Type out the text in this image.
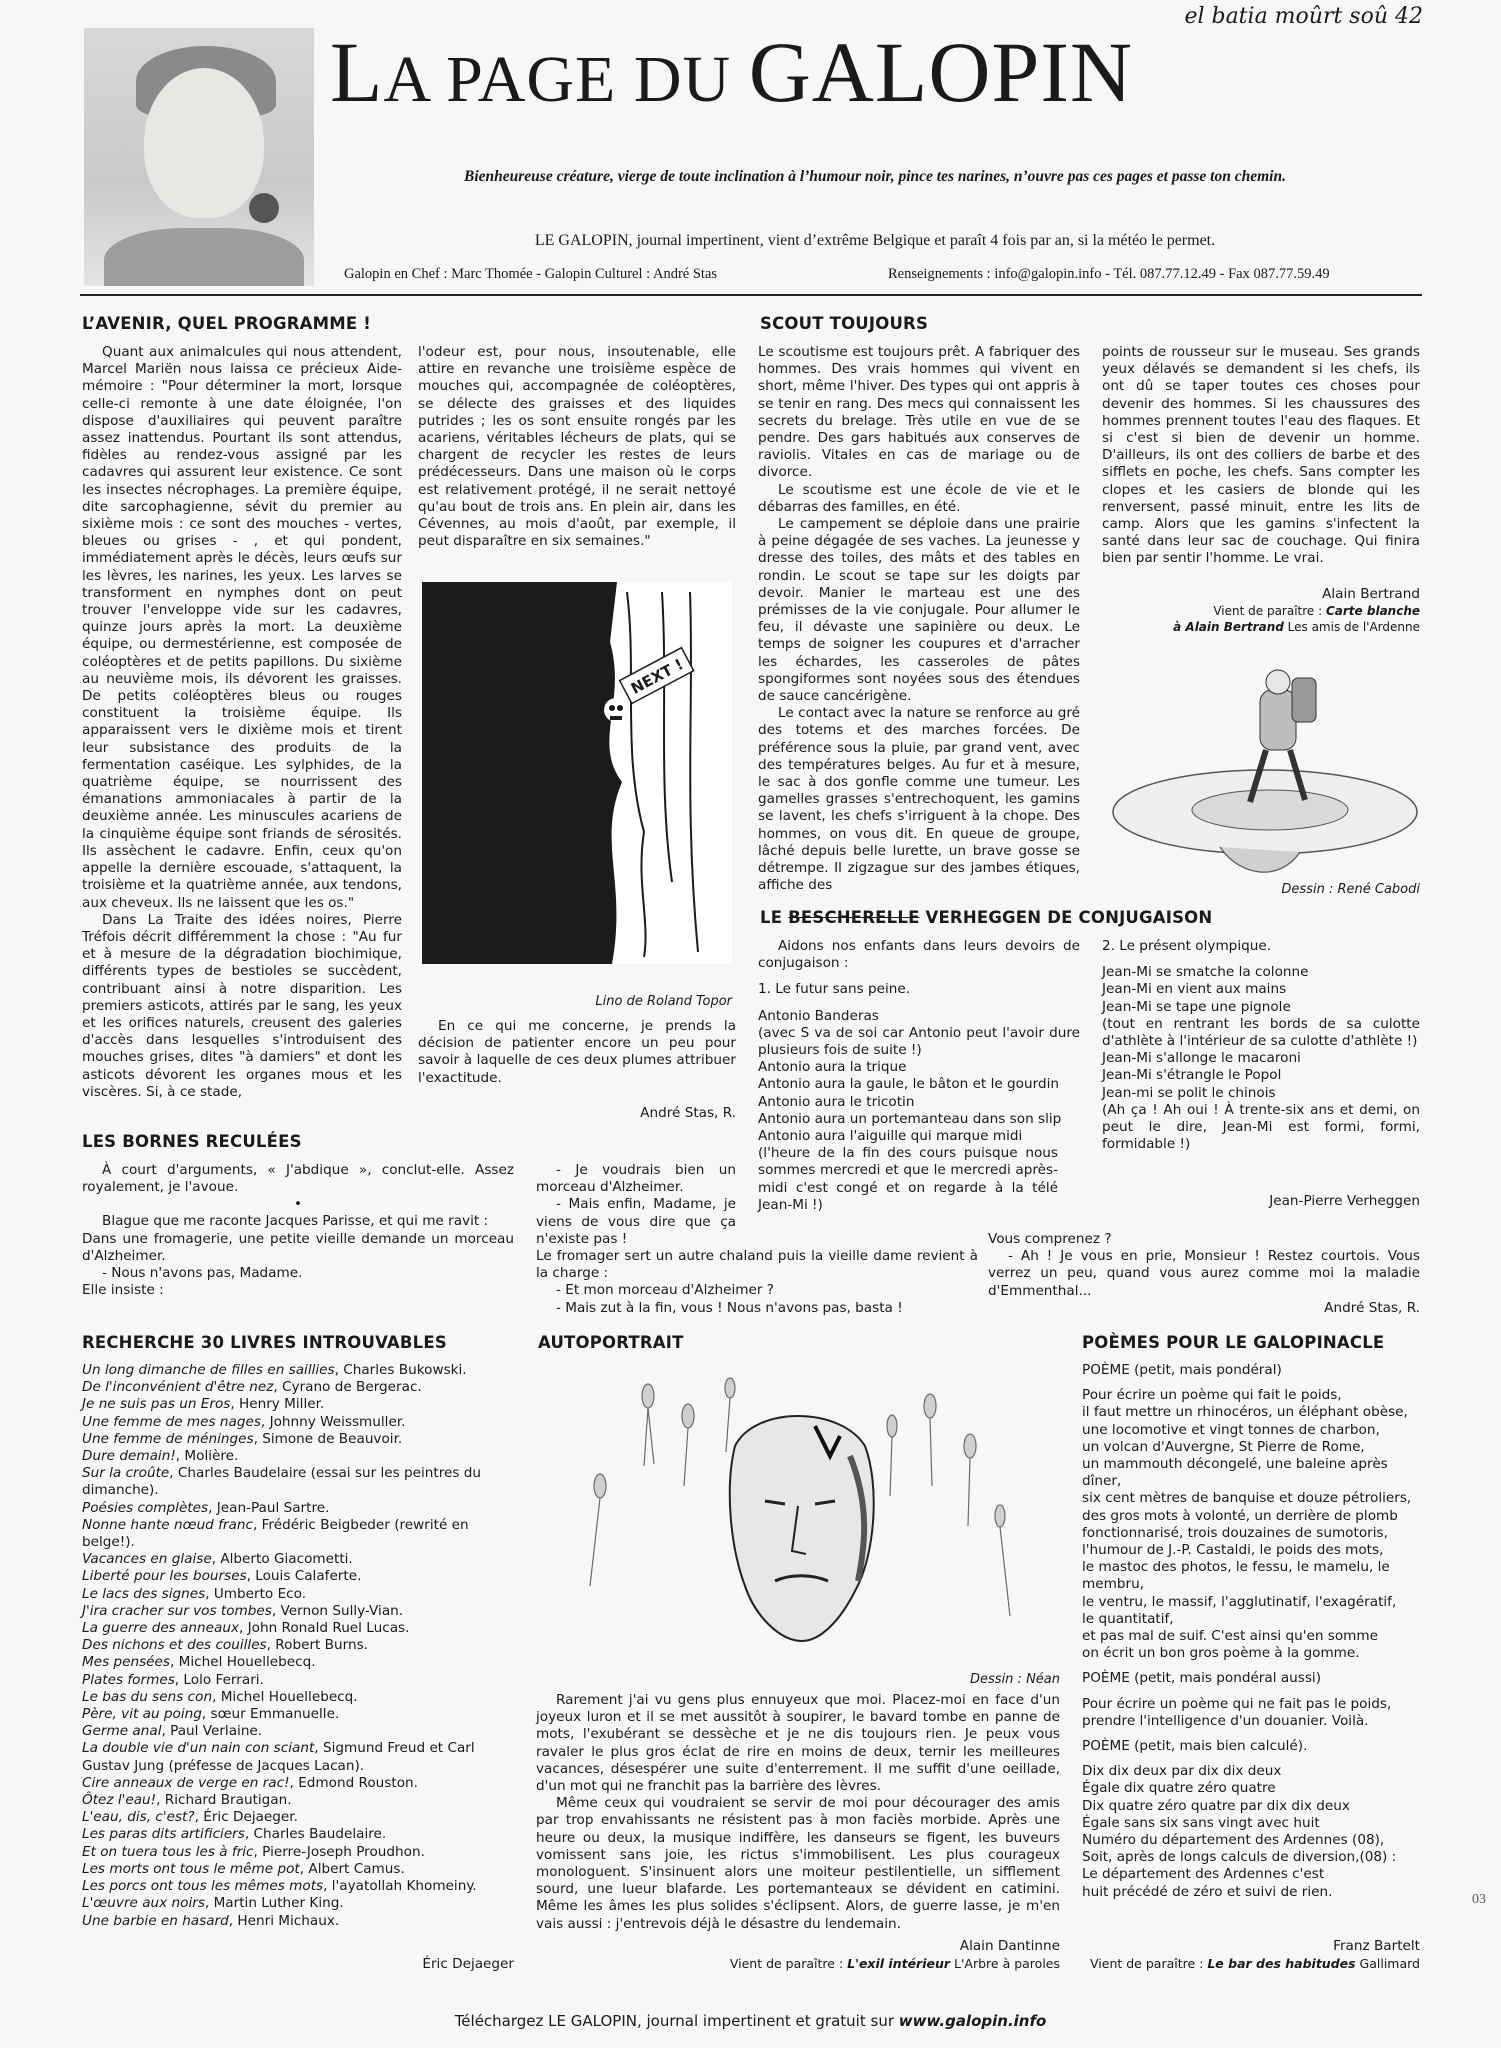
el batia moûrt soû 42
LA PAGE DU GALOPIN
Bienheureuse créature, vierge de toute inclination à l’humour noir, pince tes narines, n’ouvre pas ces pages et passe ton chemin.
LE GALOPIN, journal impertinent, vient d’extrême Belgique et paraît 4 fois par an, si la météo le permet.
Galopin en Chef : Marc Thomée - Galopin Culturel : André Stas	Renseignements : info@galopin.info - Tél. 087.77.12.49 - Fax 087.77.59.49
L’AVENIR, QUEL PROGRAMME !

Quant aux animalcules qui nous attendent, Marcel Mariën nous laissa ce précieux Aide-mémoire : "Pour déterminer la mort, lorsque celle-ci remonte à une date éloignée, l'on dispose d'auxiliaires qui peuvent paraître assez inattendus. Pourtant ils sont attendus, fidèles au rendez-vous assigné par les cadavres qui assurent leur existence. Ce sont les insectes nécrophages. La première équipe, dite sarcophagienne, sévit du premier au sixième mois : ce sont des mouches - vertes, bleues ou grises - , et qui pondent, immédiatement après le décès, leurs œufs sur les lèvres, les narines, les yeux. Les larves se transforment en nymphes dont on peut trouver l'enveloppe vide sur les cadavres, quinze jours après la mort. La deuxième équipe, ou dermestérienne, est composée de coléoptères et de petits papillons. Du sixième au neuvième mois, ils dévorent les graisses. De petits coléoptères bleus ou rouges constituent la troisième équipe. Ils apparaissent vers le dixième mois et tirent leur subsistance des produits de la fermentation caséique. Les sylphides, de la quatrième équipe, se nourrissent des émanations ammoniacales à partir de la deuxième année. Les minuscules acariens de la cinquième équipe sont friands de sérosités. Ils assèchent le cadavre. Enfin, ceux qu'on appelle la dernière escouade, s'attaquent, la troisième et la quatrième année, aux tendons, aux cheveux. Ils ne laissent que les os."

Dans La Traite des idées noires, Pierre Tréfois décrit différemment la chose : "Au fur et à mesure de la dégradation biochimique, différents types de bestioles se succèdent, contribuant ainsi à notre disparition. Les premiers asticots, attirés par le sang, les yeux et les orifices naturels, creusent des galeries d'accès dans lesquelles s'introduisent des mouches grises, dites "à damiers" et dont les asticots dévorent les organes mous et les viscères. Si, à ce stade,

l'odeur est, pour nous, insoutenable, elle attire en revanche une troisième espèce de mouches qui, accompagnée de coléoptères, se délecte des graisses et des liquides putrides ; les os sont ensuite rongés par les acariens, véritables lécheurs de plats, qui se chargent de recycler les restes de leurs prédécesseurs. Dans une maison où le corps est relativement protégé, il ne serait nettoyé qu'au bout de trois ans. En plein air, dans les Cévennes, au mois d'août, par exemple, il peut disparaître en six semaines."

NEXT !
Lino de Roland Topor

En ce qui me concerne, je prends la décision de patienter encore un peu pour savoir à laquelle de ces deux plumes attribuer l'exactitude.

André Stas, R.
SCOUT TOUJOURS

Le scoutisme est toujours prêt. A fabriquer des hommes. Des vrais hommes qui vivent en short, même l'hiver. Des types qui ont appris à se tenir en rang. Des mecs qui connaissent les secrets du brelage. Très utile en vue de se pendre. Des gars habitués aux conserves de raviolis. Vitales en cas de mariage ou de divorce.

Le scoutisme est une école de vie et le débarras des familles, en été.

Le campement se déploie dans une prairie à peine dégagée de ses vaches. La jeunesse y dresse des toiles, des mâts et des tables en rondin. Le scout se tape sur les doigts par devoir. Manier le marteau est une des prémisses de la vie conjugale. Pour allumer le feu, il dévaste une sapinière ou deux. Le temps de soigner les coupures et d'arracher les échardes, les casseroles de pâtes spongiformes sont noyées sous des étendues de sauce cancérigène.

Le contact avec la nature se renforce au gré des totems et des marches forcées. De préférence sous la pluie, par grand vent, avec des températures belges. Au fur et à mesure, le sac à dos gonfle comme une tumeur. Les gamelles grasses s'entrechoquent, les gamins se lavent, les chefs s'irriguent à la chope. Des hommes, on vous dit. En queue de groupe, lâché depuis belle lurette, un brave gosse se détrempe. Il zigzague sur des jambes étiques, affiche des

points de rousseur sur le museau. Ses grands yeux délavés se demandent si les chefs, ils ont dû se taper toutes ces choses pour devenir des hommes. Si les chaussures des hommes prennent toutes l'eau des flaques. Et si c'est si bien de devenir un homme. D'ailleurs, ils ont des colliers de barbe et des sifflets en poche, les chefs. Sans compter les clopes et les casiers de blonde qui les renversent, passé minuit, entre les lits de camp. Alors que les gamins s'infectent la santé dans leur sac de couchage. Qui finira bien par sentir l'homme. Le vrai.

Alain Bertrand
Vient de paraître : Carte blanche
à Alain Bertrand Les amis de l'Ardenne
Dessin : René Cabodi
LE BESCHERELLE VERHEGGEN DE CONJUGAISON

Aidons nos enfants dans leurs devoirs de conjugaison :

1. Le futur sans peine.
Antonio Banderas
(avec S va de soi car Antonio peut l'avoir dure plusieurs fois de suite !)
Antonio aura la trique
Antonio aura la gaule, le bâton et le gourdin
Antonio aura le tricotin
Antonio aura un portemanteau dans son slip
Antonio aura l'aiguille qui marque midi
(l'heure de la fin des cours puisque nous sommes mercredi et que le mercredi après-midi c'est congé et on regarde à la télé Jean-Mi !)
2. Le présent olympique.
Jean-Mi se smatche la colonne
Jean-Mi en vient aux mains
Jean-Mi se tape une pignole
(tout en rentrant les bords de sa culotte d'athlète à l'intérieur de sa culotte d'athlète !)
Jean-Mi s'allonge le macaroni
Jean-Mi s'étrangle le Popol
Jean-mi se polit le chinois
(Ah ça ! Ah oui ! À trente-six ans et demi, on peut le dire, Jean-Mi est formi, formi, formidable !)
Jean-Pierre Verheggen
LES BORNES RECULÉES

À court d'arguments, « J'abdique », conclut-elle. Assez royalement, je l'avoue.

•

Blague que me raconte Jacques Parisse, et qui me ravit :

Dans une fromagerie, une petite vieille demande un morceau d'Alzheimer.

- Nous n'avons pas, Madame.

Elle insiste :

- Je voudrais bien un morceau d'Alzheimer.

- Mais enfin, Madame, je viens de vous dire que ça n'existe pas !

Le fromager sert un autre chaland puis la vieille dame revient à la charge :

- Et mon morceau d'Alzheimer ?

- Mais zut à la fin, vous ! Nous n'avons pas, basta !

Vous comprenez ?

- Ah ! Je vous en prie, Monsieur ! Restez courtois. Vous verrez un peu, quand vous aurez comme moi la maladie d'Emmenthal...

André Stas, R.
RECHERCHE 30 LIVRES INTROUVABLES
Un long dimanche de filles en saillies, Charles Bukowski.
De l'inconvénient d'être nez, Cyrano de Bergerac.
Je ne suis pas un Eros, Henry Miller.
Une femme de mes nages, Johnny Weissmuller.
Une femme de méninges, Simone de Beauvoir.
Dure demain!, Molière.
Sur la croûte, Charles Baudelaire (essai sur les peintres du dimanche).
Poésies complètes, Jean-Paul Sartre.
Nonne hante nœud franc, Frédéric Beigbeder (rewrité en belge!).
Vacances en glaise, Alberto Giacometti.
Liberté pour les bourses, Louis Calaferte.
Le lacs des signes, Umberto Eco.
J'ira cracher sur vos tombes, Vernon Sully-Vian.
La guerre des anneaux, John Ronald Ruel Lucas.
Des nichons et des couilles, Robert Burns.
Mes pensées, Michel Houellebecq.
Plates formes, Lolo Ferrari.
Le bas du sens con, Michel Houellebecq.
Père, vit au poing, sœur Emmanuelle.
Germe anal, Paul Verlaine.
La double vie d'un nain con sciant, Sigmund Freud et Carl Gustav Jung (préfesse de Jacques Lacan).
Cire anneaux de verge en rac!, Edmond Rouston.
Ôtez l'eau!, Richard Brautigan.
L'eau, dis, c'est?, Éric Dejaeger.
Les paras dits artificiers, Charles Baudelaire.
Et on tuera tous les à fric, Pierre-Joseph Proudhon.
Les morts ont tous le même pot, Albert Camus.
Les porcs ont tous les mêmes mots, l'ayatollah Khomeiny.
L'œuvre aux noirs, Martin Luther King.
Une barbie en hasard, Henri Michaux.
Éric Dejaeger
AUTOPORTRAIT
Dessin : Néan

Rarement j'ai vu gens plus ennuyeux que moi. Placez-moi en face d'un joyeux luron et il se met aussitôt à soupirer, le bavard tombe en panne de mots, l'exubérant se dessèche et je ne dis toujours rien. Je peux vous ravaler le plus gros éclat de rire en moins de deux, ternir les meilleures vacances, désespérer une suite d'enterrement. Il me suffit d'une oeillade, d'un mot qui ne franchit pas la barrière des lèvres.

Même ceux qui voudraient se servir de moi pour décourager des amis par trop envahissants ne résistent pas à mon faciès morbide. Après une heure ou deux, la musique indiffère, les danseurs se figent, les buveurs vomissent sans joie, les rictus s'immobilisent. Les plus courageux monologuent. S'insinuent alors une moiteur pestilentielle, un sifflement sourd, une lueur blafarde. Les portemanteaux se dévident en catimini. Même les âmes les plus solides s'éclipsent. Alors, de guerre lasse, je m'en vais aussi : j'entrevois déjà le désastre du lendemain.

Alain Dantinne
Vient de paraître : L'exil intérieur L'Arbre à paroles
POÈMES POUR LE GALOPINACLE
POÈME (petit, mais pondéral)
Pour écrire un poème qui fait le poids,
il faut mettre un rhinocéros, un éléphant obèse,
une locomotive et vingt tonnes de charbon,
un volcan d'Auvergne, St Pierre de Rome,
un mammouth décongelé, une baleine après
dîner,
six cent mètres de banquise et douze pétroliers,
des gros mots à volonté, un derrière de plomb
fonctionnarisé, trois douzaines de sumotoris,
l'humour de J.-P. Castaldi, le poids des mots,
le mastoc des photos, le fessu, le mamelu, le
membru,
le ventru, le massif, l'agglutinatif, l'exagératif,
le quantitatif,
et pas mal de suif. C'est ainsi qu'en somme
on écrit un bon gros poème à la gomme.
POÈME (petit, mais pondéral aussi)
Pour écrire un poème qui ne fait pas le poids,
prendre l'intelligence d'un douanier. Voilà.
POÈME (petit, mais bien calculé).
Dix dix deux par dix dix deux
Égale dix quatre zéro quatre
Dix quatre zéro quatre par dix dix deux
Égale sans six sans vingt avec huit
Numéro du département des Ardennes (08),
Soit, après de longs calculs de diversion,(08) :
Le département des Ardennes c'est
huit précédé de zéro et suivi de rien.
Franz Bartelt
Vient de paraître : Le bar des habitudes Gallimard
Téléchargez LE GALOPIN, journal impertinent et gratuit sur www.galopin.info
03
